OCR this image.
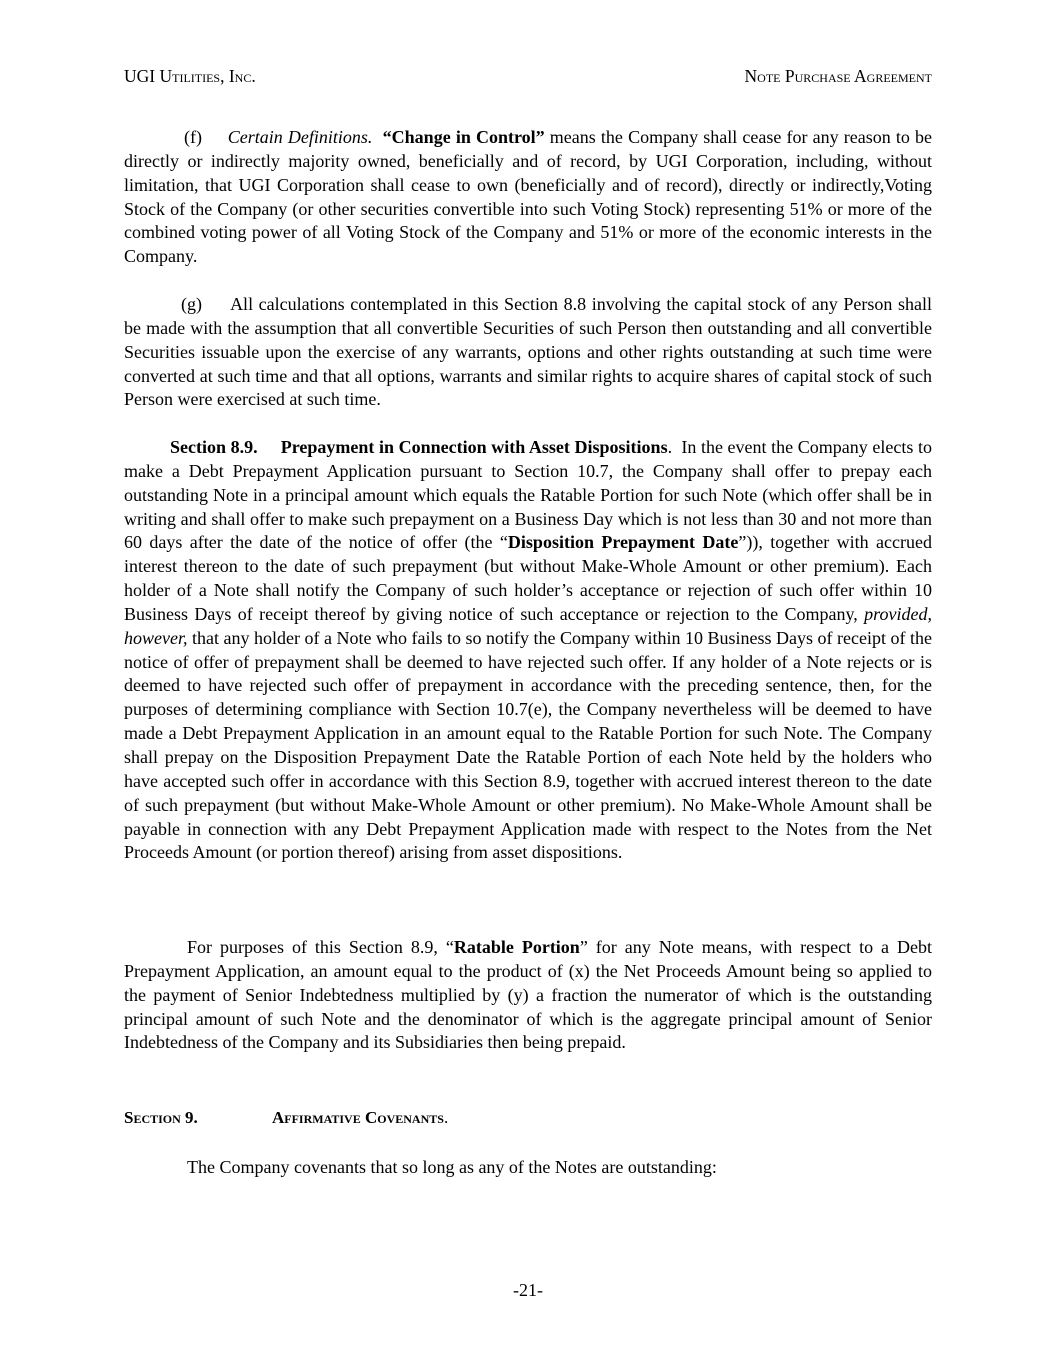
UGI Utilities, Inc.	Note Purchase Agreement
(f) Certain Definitions. “Change in Control” means the Company shall cease for any reason to be directly or indirectly majority owned, beneficially and of record, by UGI Corporation, including, without limitation, that UGI Corporation shall cease to own (beneficially and of record), directly or indirectly,Voting Stock of the Company (or other securities convertible into such Voting Stock) representing 51% or more of the combined voting power of all Voting Stock of the Company and 51% or more of the economic interests in the Company.
(g) All calculations contemplated in this Section 8.8 involving the capital stock of any Person shall be made with the assumption that all convertible Securities of such Person then outstanding and all convertible Securities issuable upon the exercise of any warrants, options and other rights outstanding at such time were converted at such time and that all options, warrants and similar rights to acquire shares of capital stock of such Person were exercised at such time.
Section 8.9. Prepayment in Connection with Asset Dispositions. In the event the Company elects to make a Debt Prepayment Application pursuant to Section 10.7, the Company shall offer to prepay each outstanding Note in a principal amount which equals the Ratable Portion for such Note (which offer shall be in writing and shall offer to make such prepayment on a Business Day which is not less than 30 and not more than 60 days after the date of the notice of offer (the “Disposition Prepayment Date”)), together with accrued interest thereon to the date of such prepayment (but without Make-Whole Amount or other premium). Each holder of a Note shall notify the Company of such holder’s acceptance or rejection of such offer within 10 Business Days of receipt thereof by giving notice of such acceptance or rejection to the Company, provided, however, that any holder of a Note who fails to so notify the Company within 10 Business Days of receipt of the notice of offer of prepayment shall be deemed to have rejected such offer. If any holder of a Note rejects or is deemed to have rejected such offer of prepayment in accordance with the preceding sentence, then, for the purposes of determining compliance with Section 10.7(e), the Company nevertheless will be deemed to have made a Debt Prepayment Application in an amount equal to the Ratable Portion for such Note. The Company shall prepay on the Disposition Prepayment Date the Ratable Portion of each Note held by the holders who have accepted such offer in accordance with this Section 8.9, together with accrued interest thereon to the date of such prepayment (but without Make-Whole Amount or other premium). No Make-Whole Amount shall be payable in connection with any Debt Prepayment Application made with respect to the Notes from the Net Proceeds Amount (or portion thereof) arising from asset dispositions.
For purposes of this Section 8.9, “Ratable Portion” for any Note means, with respect to a Debt Prepayment Application, an amount equal to the product of (x) the Net Proceeds Amount being so applied to the payment of Senior Indebtedness multiplied by (y) a fraction the numerator of which is the outstanding principal amount of such Note and the denominator of which is the aggregate principal amount of Senior Indebtedness of the Company and its Subsidiaries then being prepaid.
Section 9.	Affirmative Covenants.
The Company covenants that so long as any of the Notes are outstanding:
-21-
